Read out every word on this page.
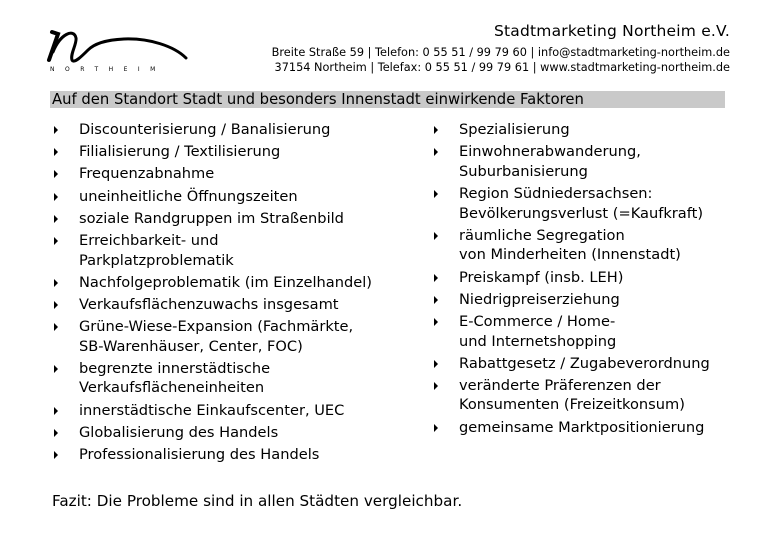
NORTHEIM
Stadtmarketing Northeim e.V.
Breite Straße 59 | Telefon: 0 55 51 / 99 79 60 | info@stadtmarketing-northeim.de
37154 Northeim | Telefax: 0 55 51 / 99 79 61 | www.stadtmarketing-northeim.de
Auf den Standort Stadt und besonders Innenstadt einwirkende Faktoren
Discounterisierung / Banalisierung
Filialisierung / Textilisierung
Frequenzabnahme
uneinheitliche Öffnungszeiten
soziale Randgruppen im Straßenbild
Erreichbarkeit- und
Parkplatzproblematik
Nachfolgeproblematik (im Einzelhandel)
Verkaufsflächenzuwachs insgesamt
Grüne-Wiese-Expansion (Fachmärkte,
SB-Warenhäuser, Center, FOC)
begrenzte innerstädtische
Verkaufsflächeneinheiten
innerstädtische Einkaufscenter, UEC
Globalisierung des Handels
Professionalisierung des Handels
Spezialisierung
Einwohnerabwanderung,
Suburbanisierung
Region Südniedersachsen:
Bevölkerungsverlust (=Kaufkraft)
räumliche Segregation
von Minderheiten (Innenstadt)
Preiskampf (insb. LEH)
Niedrigpreiserziehung
E-Commerce / Home-
und Internetshopping
Rabattgesetz / Zugabeverordnung
veränderte Präferenzen der
Konsumenten (Freizeitkonsum)
gemeinsame Marktpositionierung
Fazit: Die Probleme sind in allen Städten vergleichbar.
